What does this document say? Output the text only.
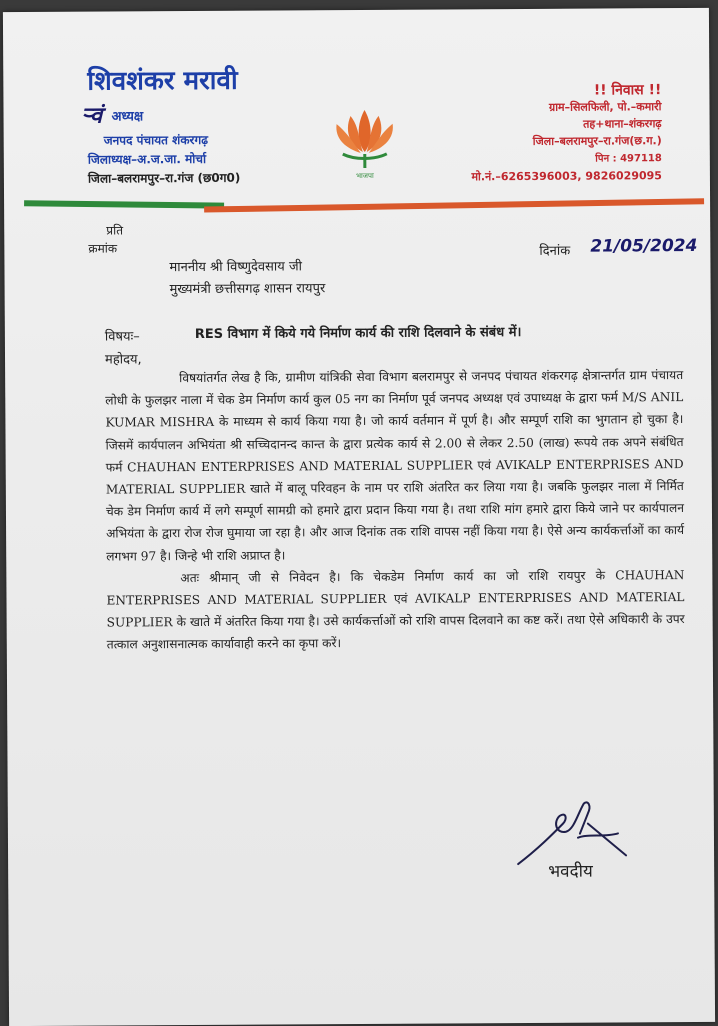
शिवशंकर मरावी
ऱ्वं अध्यक्ष
जनपद पंचायत शंकरगढ़
जिलाध्यक्ष–अ.ज.जा. मोर्चा
जिला–बलरामपुर–रा.गंज (छ0ग0)	भाजपा
!! निवास !!
ग्राम–सिलफिली, पो.–कमारी
तह+थाना–शंकरगढ़
जिला–बलरामपुर–रा.गंज(छ.ग.)
पिन : 497118
मो.नं.–6265396003, 9826029095
प्रति
क्रमांक	दिनांक 21/05/2024
माननीय श्री विष्णुदेवसाय जी
मुख्यमंत्री छत्तीसगढ़ शासन रायपुर
विषयः–	RES विभाग में किये गये निर्माण कार्य की राशि दिलवाने के संबंध में।
महोदय,

विषयांतर्गत लेख है कि, ग्रामीण यांत्रिकी सेवा विभाग बलरामपुर से जनपद पंचायत शंकरगढ़ क्षेत्रान्तर्गत ग्राम पंचायत लोधी के फुलझर नाला में चेक डेम निर्माण कार्य कुल 05 नग का निर्माण पूर्व जनपद अध्यक्ष एवं उपाध्यक्ष के द्वारा फर्म M/S ANIL KUMAR MISHRA के माध्यम से कार्य किया गया है। जो कार्य वर्तमान में पूर्ण है। और सम्पूर्ण राशि का भुगतान हो चुका है। जिसमें कार्यपालन अभियंता श्री सच्चिदानन्द कान्त के द्वारा प्रत्येक कार्य से 2.00 से लेकर 2.50 (लाख) रूपये तक अपने संबंधित फर्म CHAUHAN ENTERPRISES AND MATERIAL SUPPLIER एवं AVIKALP ENTERPRISES AND MATERIAL SUPPLIER खाते में बालू परिवहन के नाम पर राशि अंतरित कर लिया गया है। जबकि फुलझर नाला में निर्मित चेक डेम निर्माण कार्य में लगे सम्पूर्ण सामग्री को हमारे द्वारा प्रदान किया गया है। तथा राशि मांग हमारे द्वारा किये जाने पर कार्यपालन अभियंता के द्वारा रोज रोज घुमाया जा रहा है। और आज दिनांक तक राशि वापस नहीं किया गया है। ऐसे अन्य कार्यकर्त्ताओं का कार्य लगभग 97 है। जिन्हे भी राशि अप्राप्त है।

अतः श्रीमान् जी से निवेदन है। कि चेकडेम निर्माण कार्य का जो राशि रायपुर के CHAUHAN ENTERPRISES AND MATERIAL SUPPLIER एवं AVIKALP ENTERPRISES AND MATERIAL SUPPLIER के खाते में अंतरित किया गया है। उसे कार्यकर्त्ताओं को राशि वापस दिलवाने का कष्ट करें। तथा ऐसे अधिकारी के उपर तत्काल अनुशासनात्मक कार्यावाही करने का कृपा करें।

भवदीय
